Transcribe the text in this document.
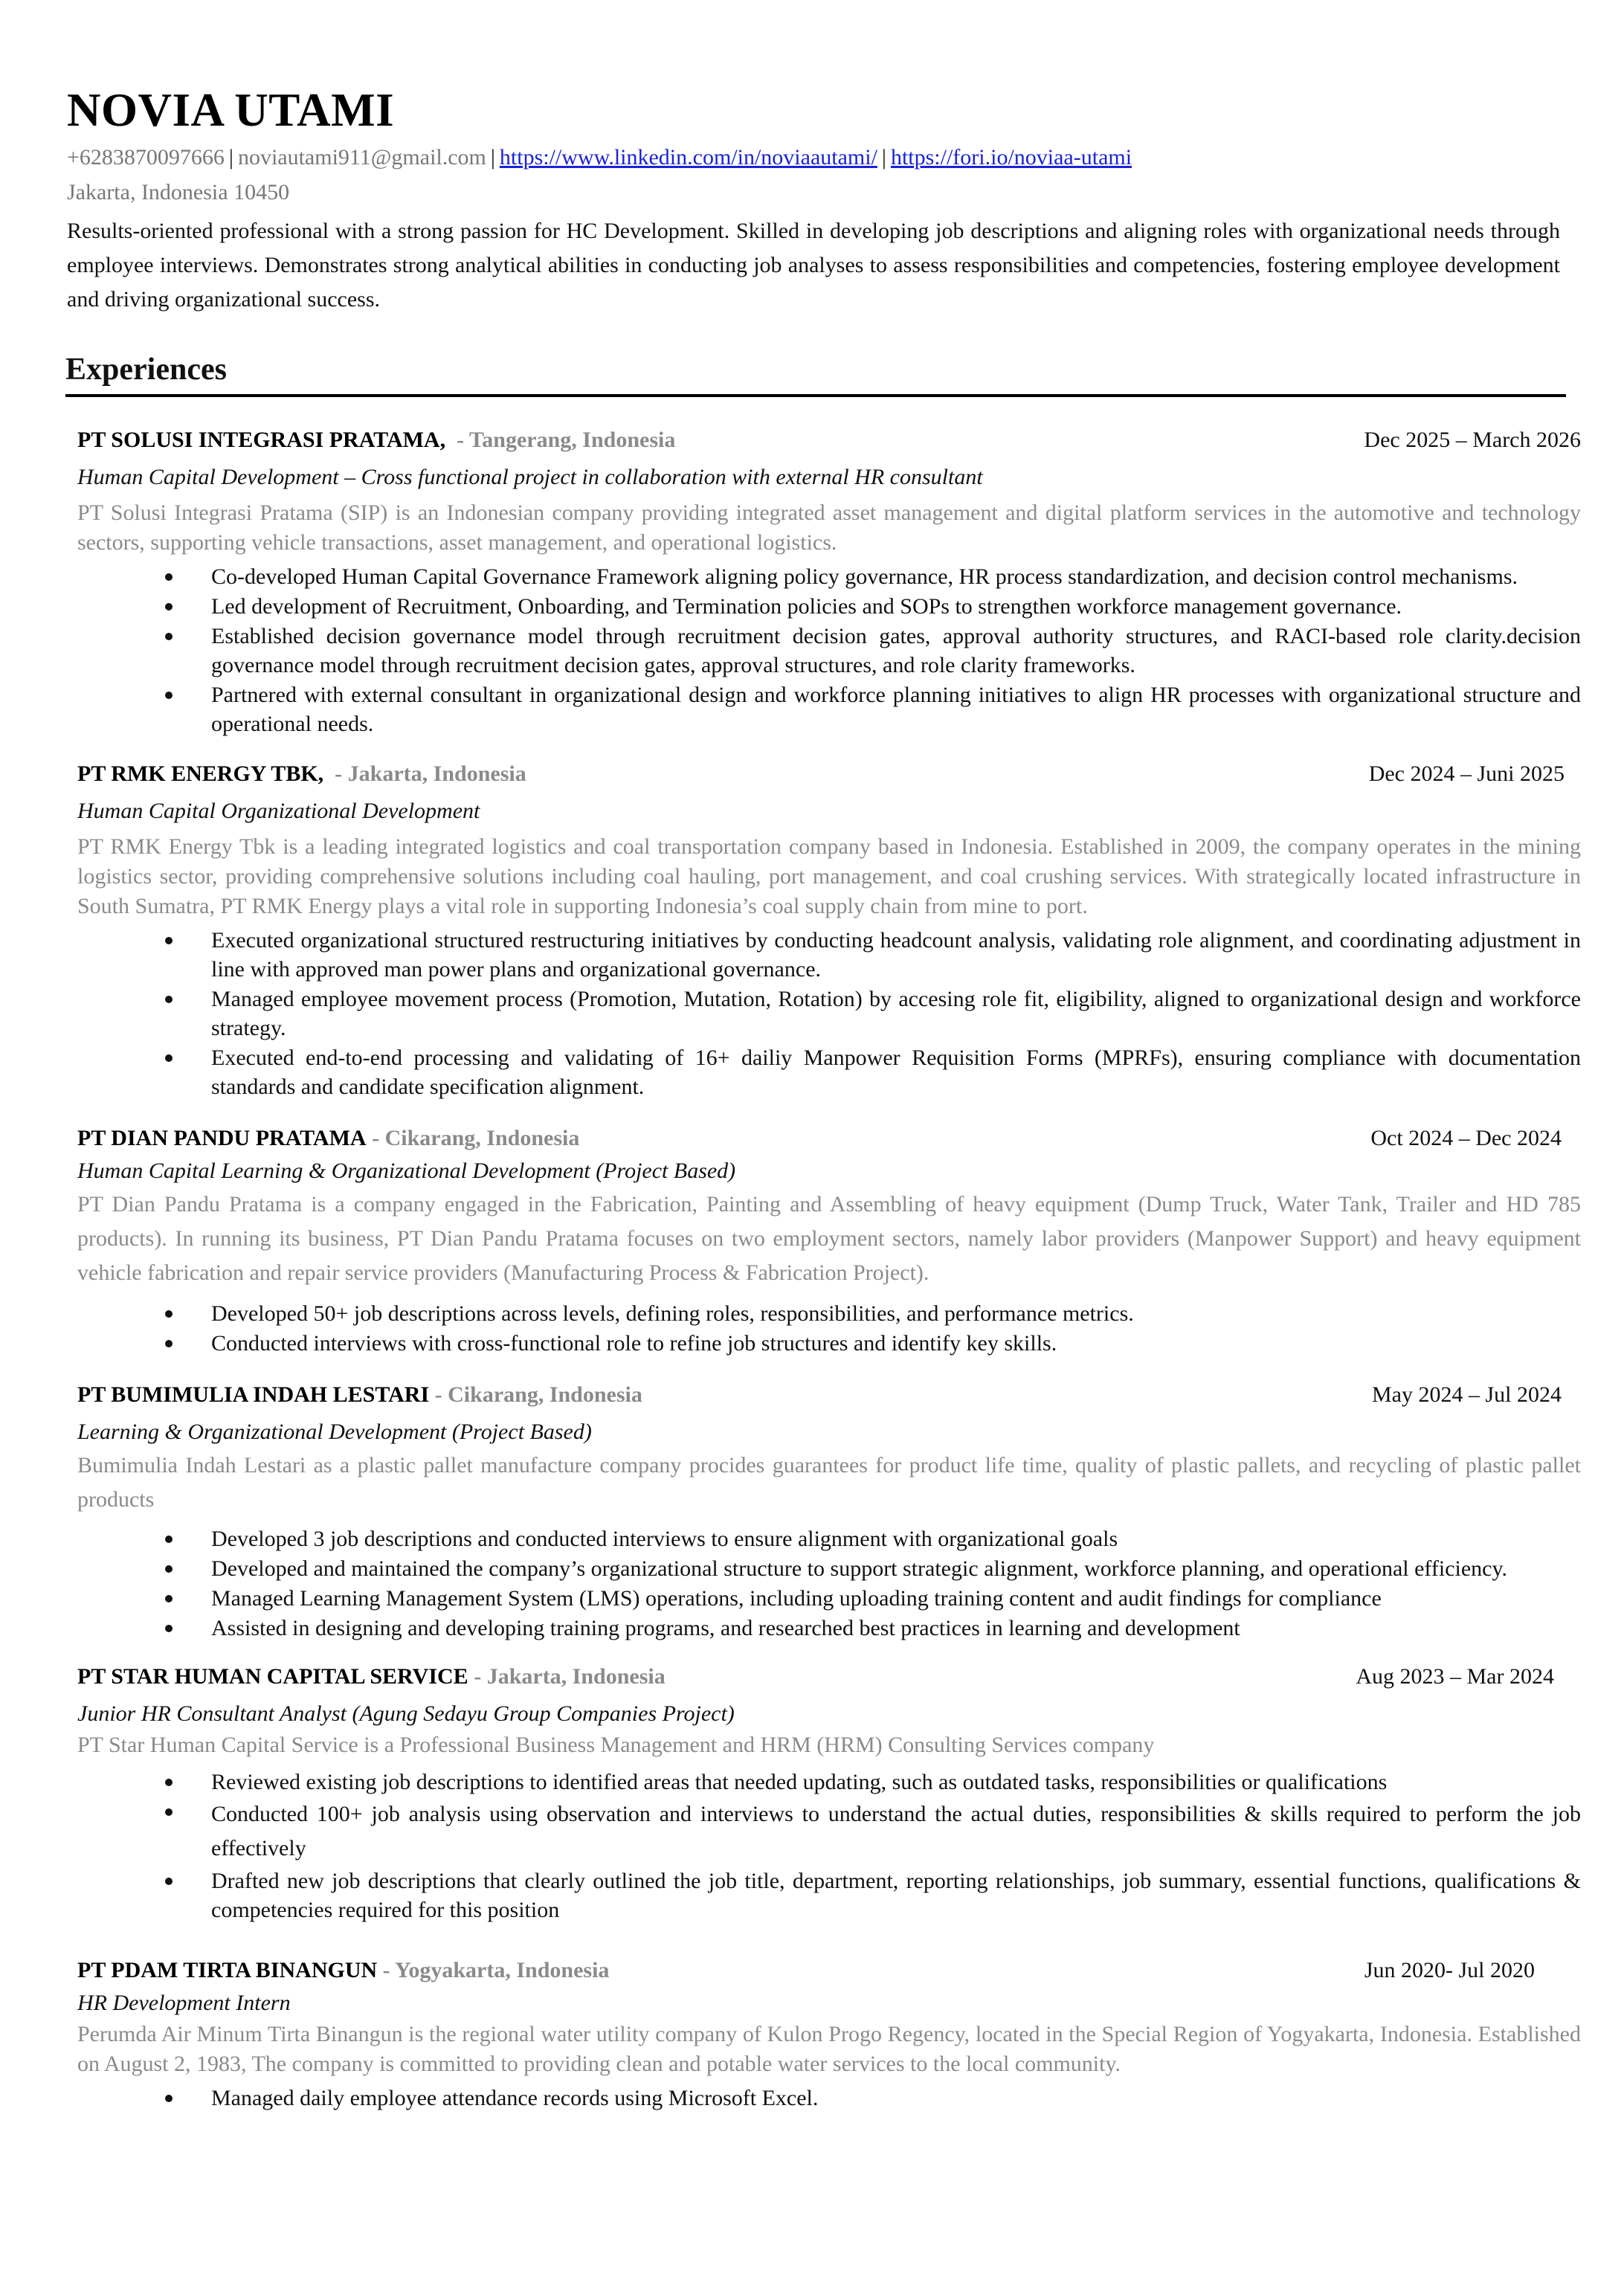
NOVIA UTAMI
+6283870097666 | noviautami911@gmail.com | https://www.linkedin.com/in/noviaautami/ | https://fori.io/noviaa-utami
Jakarta, Indonesia 10450
Results-oriented professional with a strong passion for HC Development. Skilled in developing job descriptions and aligning roles with organizational needs through employee interviews. Demonstrates strong analytical abilities in conducting job analyses to assess responsibilities and competencies, fostering employee development and driving organizational success.
Experiences
PT SOLUSI INTEGRASI PRATAMA, - Tangerang, Indonesia	Dec 2025 – March 2026
Human Capital Development – Cross functional project in collaboration with external HR consultant
PT Solusi Integrasi Pratama (SIP) is an Indonesian company providing integrated asset management and digital platform services in the automotive and technology sectors, supporting vehicle transactions, asset management, and operational logistics.
Co-developed Human Capital Governance Framework aligning policy governance, HR process standardization, and decision control mechanisms.
Led development of Recruitment, Onboarding, and Termination policies and SOPs to strengthen workforce management governance.
Established decision governance model through recruitment decision gates, approval authority structures, and RACI-based role clarity.decision governance model through recruitment decision gates, approval structures, and role clarity frameworks.
Partnered with external consultant in organizational design and workforce planning initiatives to align HR processes with organizational structure and operational needs.
PT RMK ENERGY TBK, - Jakarta, Indonesia	Dec 2024 – Juni 2025
Human Capital Organizational Development
PT RMK Energy Tbk is a leading integrated logistics and coal transportation company based in Indonesia. Established in 2009, the company operates in the mining logistics sector, providing comprehensive solutions including coal hauling, port management, and coal crushing services. With strategically located infrastructure in South Sumatra, PT RMK Energy plays a vital role in supporting Indonesia’s coal supply chain from mine to port.
Executed organizational structured restructuring initiatives by conducting headcount analysis, validating role alignment, and coordinating adjustment in line with approved man power plans and organizational governance.
Managed employee movement process (Promotion, Mutation, Rotation) by accesing role fit, eligibility, aligned to organizational design and workforce strategy.
Executed end-to-end processing and validating of 16+ dailiy Manpower Requisition Forms (MPRFs), ensuring compliance with documentation standards and candidate specification alignment.
PT DIAN PANDU PRATAMA - Cikarang, Indonesia	Oct 2024 – Dec 2024
Human Capital Learning & Organizational Development (Project Based)
PT Dian Pandu Pratama is a company engaged in the Fabrication, Painting and Assembling of heavy equipment (Dump Truck, Water Tank, Trailer and HD 785 products). In running its business, PT Dian Pandu Pratama focuses on two employment sectors, namely labor providers (Manpower Support) and heavy equipment vehicle fabrication and repair service providers (Manufacturing Process & Fabrication Project).
Developed 50+ job descriptions across levels, defining roles, responsibilities, and performance metrics.
Conducted interviews with cross-functional role to refine job structures and identify key skills.
PT BUMIMULIA INDAH LESTARI - Cikarang, Indonesia	May 2024 – Jul 2024
Learning & Organizational Development (Project Based)
Bumimulia Indah Lestari as a plastic pallet manufacture company procides guarantees for product life time, quality of plastic pallets, and recycling of plastic pallet products
Developed 3 job descriptions and conducted interviews to ensure alignment with organizational goals
Developed and maintained the company’s organizational structure to support strategic alignment, workforce planning, and operational efficiency.
Managed Learning Management System (LMS) operations, including uploading training content and audit findings for compliance
Assisted in designing and developing training programs, and researched best practices in learning and development
PT STAR HUMAN CAPITAL SERVICE - Jakarta, Indonesia	Aug 2023 – Mar 2024
Junior HR Consultant Analyst (Agung Sedayu Group Companies Project)
PT Star Human Capital Service is a Professional Business Management and HRM (HRM) Consulting Services company
Reviewed existing job descriptions to identified areas that needed updating, such as outdated tasks, responsibilities or qualifications
Conducted 100+ job analysis using observation and interviews to understand the actual duties, responsibilities & skills required to perform the job effectively
Drafted new job descriptions that clearly outlined the job title, department, reporting relationships, job summary, essential functions, qualifications & competencies required for this position
PT PDAM TIRTA BINANGUN - Yogyakarta, Indonesia	Jun 2020- Jul 2020
HR Development Intern
Perumda Air Minum Tirta Binangun is the regional water utility company of Kulon Progo Regency, located in the Special Region of Yogyakarta, Indonesia. Established on August 2, 1983, The company is committed to providing clean and potable water services to the local community.
Managed daily employee attendance records using Microsoft Excel.
